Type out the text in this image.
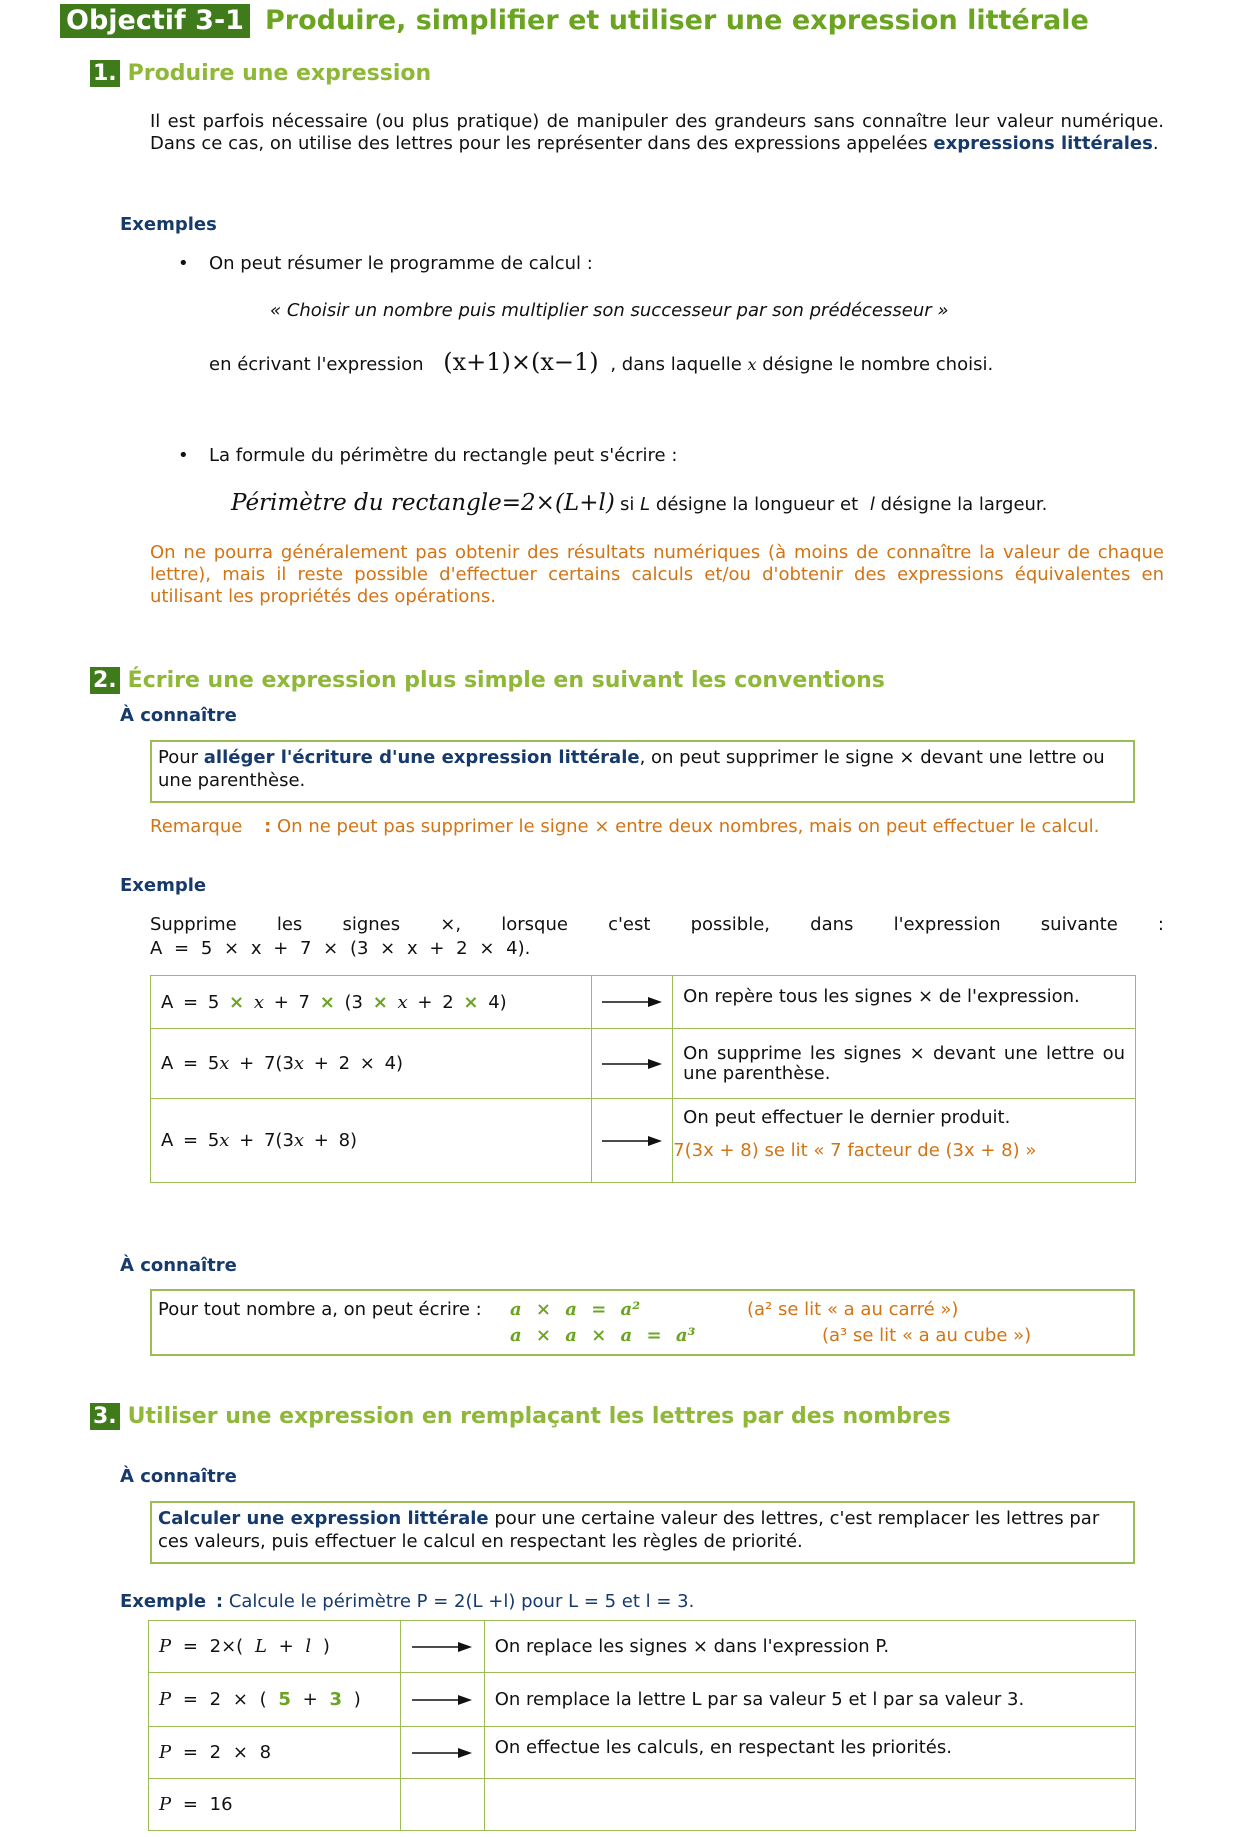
Objectif 3-1 Produire, simplifier et utiliser une expression littérale
1. Produire une expression
Il est parfois nécessaire (ou plus pratique) de manipuler des grandeurs sans connaître leur valeur numérique. Dans ce cas, on utilise des lettres pour les représenter dans des expressions appelées expressions littérales.
Exemples
• On peut résumer le programme de calcul :
« Choisir un nombre puis multiplier son successeur par son prédécesseur »
en écrivant l'expression (x+1)×(x−1) , dans laquelle x désigne le nombre choisi.
• La formule du périmètre du rectangle peut s'écrire :
Périmètre du rectangle=2×(L+l) si L désigne la longueur et l désigne la largeur.
On ne pourra généralement pas obtenir des résultats numériques (à moins de connaître la valeur de chaque lettre), mais il reste possible d'effectuer certains calculs et/ou d'obtenir des expressions équivalentes en utilisant les propriétés des opérations.
2. Écrire une expression plus simple en suivant les conventions
À connaître
Pour alléger l'écriture d'une expression littérale, on peut supprimer le signe × devant une lettre ou une parenthèse.
Remarque : On ne peut pas supprimer le signe × entre deux nombres, mais on peut effectuer le calcul.
Exemple
Supprime les signes ×, lorsque c'est possible, dans l'expression suivante :
A = 5 × x + 7 × (3 × x + 2 × 4).
A = 5 × x + 7 × (3 × x + 2 × 4)		On repère tous les signes × de l'expression.
A = 5x + 7(3x + 2 × 4)		On supprime les signes × devant une lettre ou une parenthèse.
A = 5x + 7(3x + 8)		On peut effectuer le dernier produit.
7(3x + 8) se lit « 7 facteur de (3x + 8) »
À connaître
Pour tout nombre a, on peut écrire : a × a = a²	(a² se lit « a au carré »)
a × a × a = a³	(a³ se lit « a au cube »)
3. Utiliser une expression en remplaçant les lettres par des nombres
À connaître
Calculer une expression littérale pour une certaine valeur des lettres, c'est remplacer les lettres par ces valeurs, puis effectuer le calcul en respectant les règles de priorité.
Exemple : Calcule le périmètre P = 2(L +l) pour L = 5 et l = 3.
P = 2×( L + l )		On replace les signes × dans l'expression P.
P = 2 × ( 5 + 3 )		On remplace la lettre L par sa valeur 5 et l par sa valeur 3.
P = 2 × 8		On effectue les calculs, en respectant les priorités.
P = 16		
